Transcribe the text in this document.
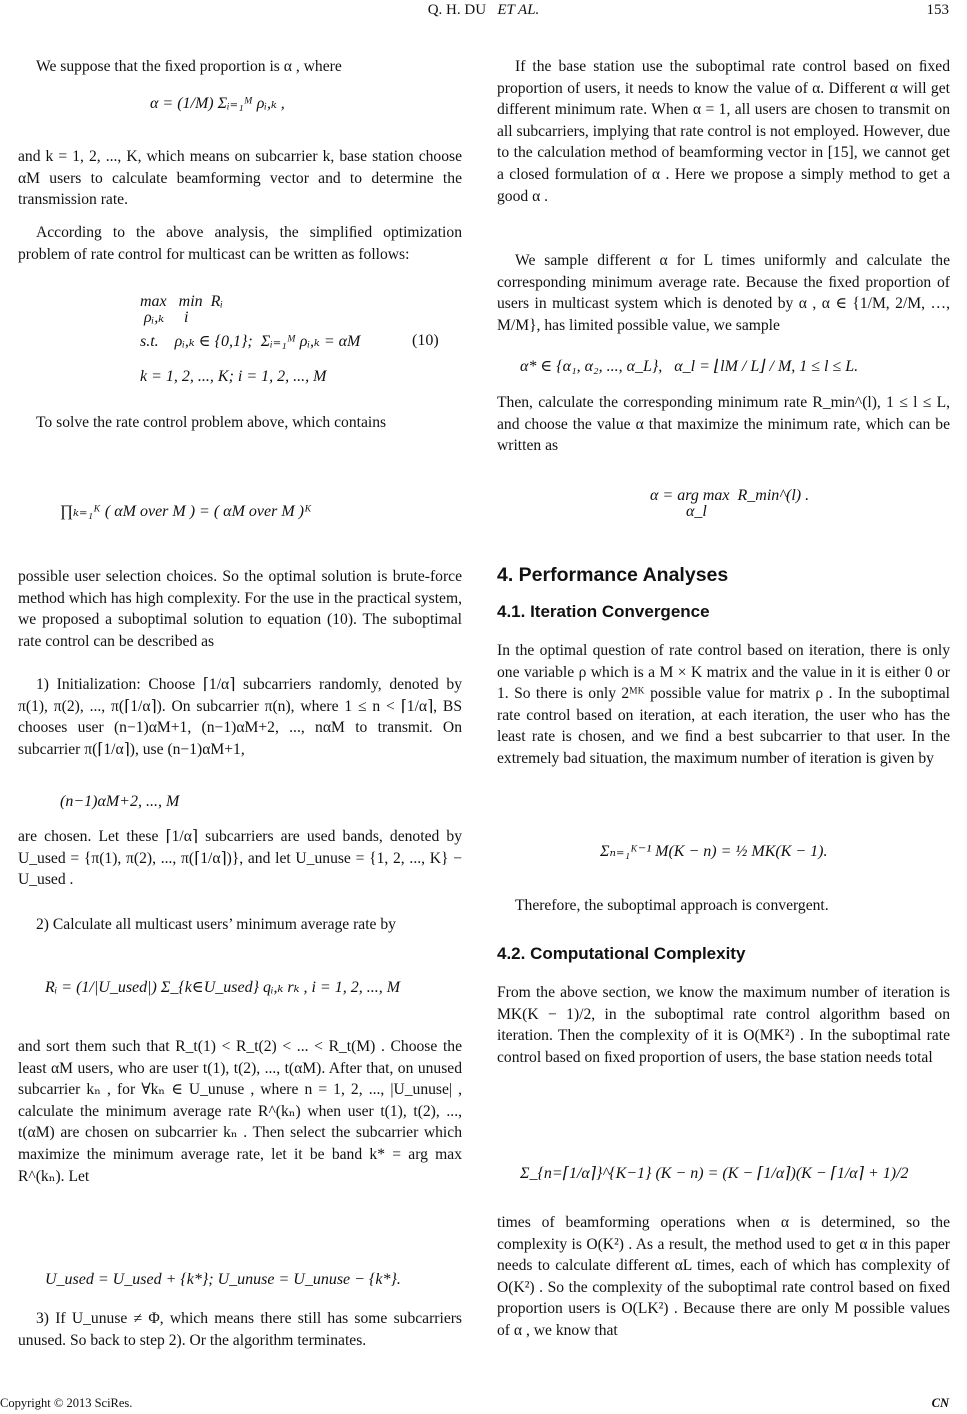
Q. H. DU ET AL.	153
We suppose that the ﬁxed proportion is α , where
α = (1/M) Σᵢ₌₁ᴹ ρᵢ,ₖ ,
and k = 1, 2, ..., K, which means on subcarrier k, base station choose αM users to calculate beamforming vector and to determine the transmission rate.
According to the above analysis, the simpliﬁed optimization problem of rate control for multicast can be written as follows:
max   min  Rᵢ
ρᵢ,ₖ     i
s.t.    ρᵢ,ₖ ∈ {0,1};  Σᵢ₌₁ᴹ ρᵢ,ₖ = αM
k = 1, 2, ..., K; i = 1, 2, ..., M
(10)
To solve the rate control problem above, which contains
∏ₖ₌₁ᴷ ( αM over M ) = ( αM over M )ᴷ
possible user selection choices. So the optimal solution is brute-force method which has high complexity. For the use in the practical system, we proposed a suboptimal solution to equation (10). The suboptimal rate control can be described as
1) Initialization: Choose ⌈1/α⌉ subcarriers randomly, denoted by π(1), π(2), ..., π(⌈1/α⌉). On subcarrier π(n), where 1 ≤ n < ⌈1/α⌉, BS chooses user (n−1)αM+1, (n−1)αM+2, ..., nαM to transmit. On subcarrier π(⌈1/α⌉), use (n−1)αM+1,
(n−1)αM+2, ..., M
are chosen. Let these ⌈1/α⌉ subcarriers are used bands, denoted by U_used = {π(1), π(2), ..., π(⌈1/α⌉)}, and let U_unuse = {1, 2, ..., K} − U_used .
2) Calculate all multicast users’ minimum average rate by
Rᵢ = (1/|U_used|) Σ_{k∈U_used} qᵢ,ₖ rₖ , i = 1, 2, ..., M
and sort them such that R_t(1) < R_t(2) < ... < R_t(M) . Choose the least αM users, who are user t(1), t(2), ..., t(αM). After that, on unused subcarrier kₙ , for ∀kₙ ∈ U_unuse , where n = 1, 2, ..., |U_unuse| , calculate the minimum average rate R^(kₙ) when user t(1), t(2), ..., t(αM) are chosen on subcarrier kₙ . Then select the subcarrier which maximize the minimum average rate, let it be band k* = arg max R^(kₙ). Let
U_used = U_used + {k*}; U_unuse = U_unuse − {k*}.
3) If U_unuse ≠ Φ, which means there still has some subcarriers unused. So back to step 2). Or the algorithm terminates.
If the base station use the suboptimal rate control based on ﬁxed proportion of users, it needs to know the value of α. Different α will get different minimum rate. When α = 1, all users are chosen to transmit on all subcarriers, implying that rate control is not employed. However, due to the calculation method of beamforming vector in [15], we cannot get a closed formulation of α . Here we propose a simply method to get a good α .
We sample different α for L times uniformly and calculate the corresponding minimum average rate. Because the ﬁxed proportion of users in multicast system which is denoted by α , α ∈ {1/M, 2/M, …, M/M}, has limited possible value, we sample
α* ∈ {α₁, α₂, ..., α_L},   α_l = ⌊lM / L⌋ / M, 1 ≤ l ≤ L.
Then, calculate the corresponding minimum rate R_min^(l), 1 ≤ l ≤ L, and choose the value α that maximize the minimum rate, which can be written as
α = arg max  R_min^(l) .
α_l
4. Performance Analyses
4.1. Iteration Convergence
In the optimal question of rate control based on iteration, there is only one variable ρ which is a M × K matrix and the value in it is either 0 or 1. So there is only 2ᴹᴷ possible value for matrix ρ . In the suboptimal rate control based on iteration, at each iteration, the user who has the least rate is chosen, and we ﬁnd a best subcarrier to that user. In the extremely bad situation, the maximum number of iteration is given by
Σₙ₌₁ᴷ⁻¹ M(K − n) = ½ MK(K − 1).
Therefore, the suboptimal approach is convergent.
4.2. Computational Complexity
From the above section, we know the maximum number of iteration is MK(K − 1)/2, in the suboptimal rate control algorithm based on iteration. Then the complexity of it is O(MK²) . In the suboptimal rate control based on ﬁxed proportion of users, the base station needs total
Σ_{n=⌈1/α⌉}^{K−1} (K − n) = (K − ⌈1/α⌉)(K − ⌈1/α⌉ + 1)/2
times of beamforming operations when α is determined, so the complexity is O(K²) . As a result, the method used to get α in this paper needs to calculate different αL times, each of which has complexity of O(K²) . So the complexity of the suboptimal rate control based on ﬁxed proportion users is O(LK²) . Because there are only M possible values of α , we know that
Copyright © 2013 SciRes.	CN
